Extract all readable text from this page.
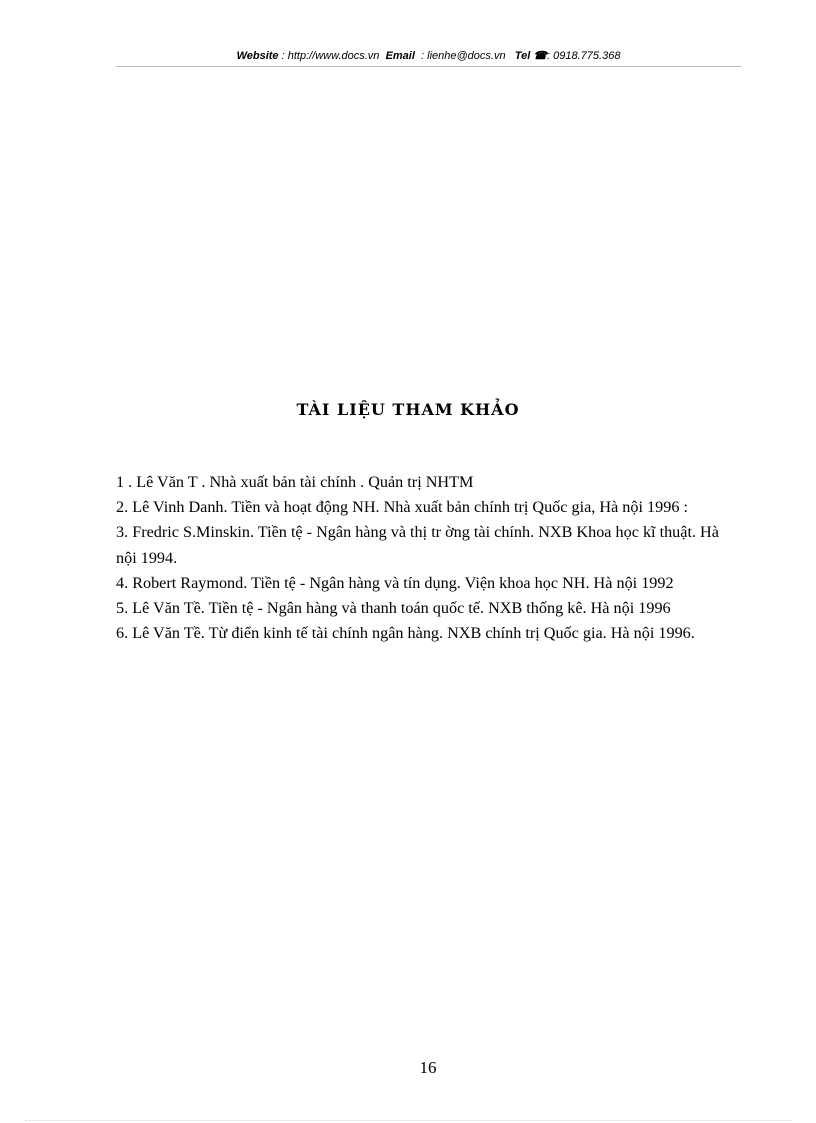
Website : http://www.docs.vn Email : lienhe@docs.vn Tel ☎: 0918.775.368
TÀI LIỆU THAM KHẢO

1 . Lê Văn T . Nhà xuất bản tài chính . Quản trị NHTM

2. Lê Vinh Danh. Tiền và hoạt động NH. Nhà xuất bản chính trị Quốc gia, Hà nội 1996 :

3. Fredric S.Minskin. Tiền tệ - Ngân hàng và thị tr ờng tài chính. NXB Khoa học kĩ thuật. Hà nội 1994.

4. Robert Raymond. Tiền tệ - Ngân hàng và tín dụng. Viện khoa học NH. Hà nội 1992

5. Lê Văn Tề. Tiền tệ - Ngân hàng và thanh toán quốc tế. NXB thống kê. Hà nội 1996

6. Lê Văn Tề. Từ điển kinh tế tài chính ngân hàng. NXB chính trị Quốc gia. Hà nội 1996.

16
